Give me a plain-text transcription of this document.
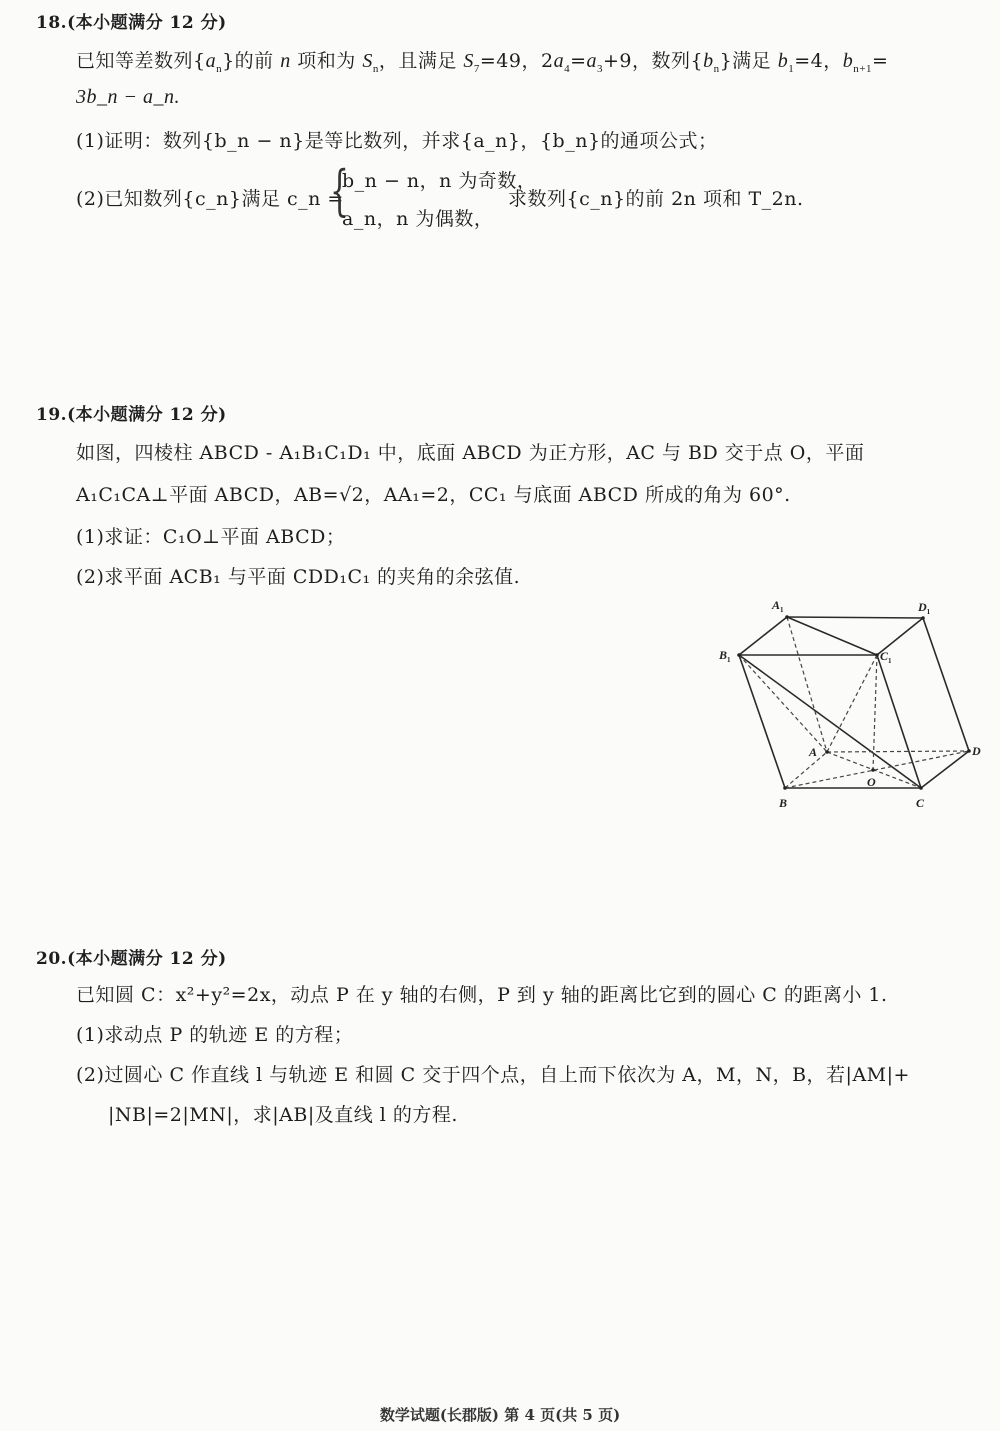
18.(本小题满分 12 分)
已知等差数列$\{a_n\}$的前 n 项和为 $S_n$，且满足 $S_7=49$，$2a_4=a_3+9$，数列$\{b_n\}$满足 $b_1=4$，$b_{n+1}=$
3b_n − a_n.
(1)证明：数列{b_n − n}是等比数列，并求{a_n}，{b_n}的通项公式；
(2)已知数列{c_n}满足 c_n =
{
b_n − n，n 为奇数，
a_n，n 为偶数，
求数列{c_n}的前 2n 项和 T_2n.
19.(本小题满分 12 分)
如图，四棱柱 ABCD - A₁B₁C₁D₁ 中，底面 ABCD 为正方形，AC 与 BD 交于点 O，平面
A₁C₁CA⊥平面 ABCD，AB=√2，AA₁=2，CC₁ 与底面 ABCD 所成的角为 60°.
(1)求证：C₁O⊥平面 ABCD；
(2)求平面 ACB₁ 与平面 CDD₁C₁ 的夹角的余弦值.
$A_1$	$D_1$
$B_1$	$C_1$
A	D
B	C
O
20.(本小题满分 12 分)
已知圆 C：x²+y²=2x，动点 P 在 y 轴的右侧，P 到 y 轴的距离比它到的圆心 C 的距离小 1.
(1)求动点 P 的轨迹 E 的方程；
(2)过圆心 C 作直线 l 与轨迹 E 和圆 C 交于四个点，自上而下依次为 A，M，N，B，若|AM|+
|NB|=2|MN|，求|AB|及直线 l 的方程.
数学试题(长郡版) 第 4 页(共 5 页)
